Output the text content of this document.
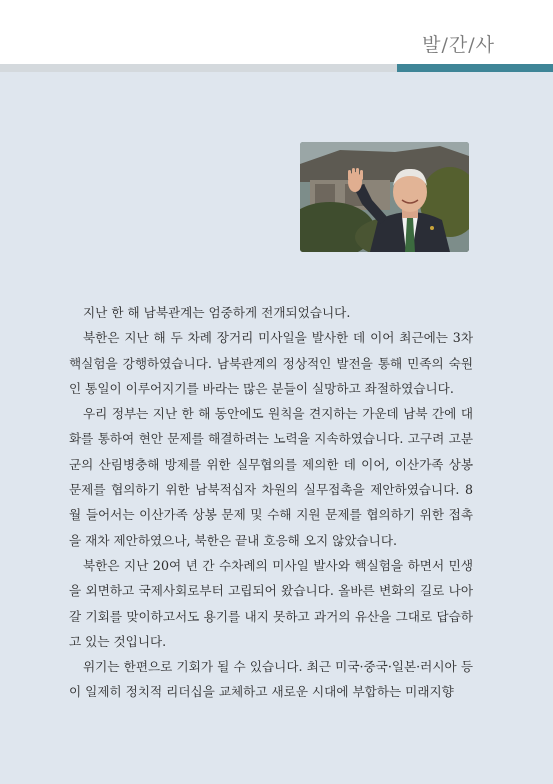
발/간/사

지난 한 해 남북관계는 엄중하게 전개되었습니다.

북한은 지난 해 두 차례 장거리 미사일을 발사한 데 이어 최근에는 3차 핵실험을 강행하였습니다. 남북관계의 정상적인 발전을 통해 민족의 숙원인 통일이 이루어지기를 바라는 많은 분들이 실망하고 좌절하였습니다.

우리 정부는 지난 한 해 동안에도 원칙을 견지하는 가운데 남북 간에 대화를 통하여 현안 문제를 해결하려는 노력을 지속하였습니다. 고구려 고분군의 산림병충해 방제를 위한 실무협의를 제의한 데 이어, 이산가족 상봉 문제를 협의하기 위한 남북적십자 차원의 실무접촉을 제안하였습니다. 8월 들어서는 이산가족 상봉 문제 및 수해 지원 문제를 협의하기 위한 접촉을 재차 제안하였으나, 북한은 끝내 호응해 오지 않았습니다.

북한은 지난 20여 년 간 수차례의 미사일 발사와 핵실험을 하면서 민생을 외면하고 국제사회로부터 고립되어 왔습니다. 올바른 변화의 길로 나아갈 기회를 맞이하고서도 용기를 내지 못하고 과거의 유산을 그대로 답습하고 있는 것입니다.

위기는 한편으로 기회가 될 수 있습니다. 최근 미국·중국·일본·러시아 등이 일제히 정치적 리더십을 교체하고 새로운 시대에 부합하는 미래지향
